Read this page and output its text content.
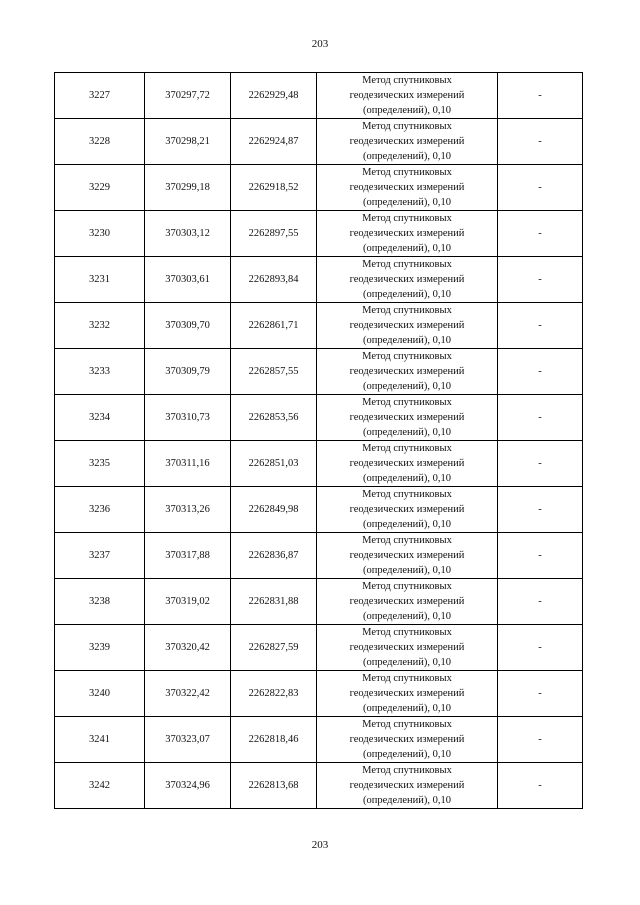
203
3227	370297,72	2262929,48	Метод спутниковых
геодезических измерений
(определений), 0,10	-
3228	370298,21	2262924,87	Метод спутниковых
геодезических измерений
(определений), 0,10	-
3229	370299,18	2262918,52	Метод спутниковых
геодезических измерений
(определений), 0,10	-
3230	370303,12	2262897,55	Метод спутниковых
геодезических измерений
(определений), 0,10	-
3231	370303,61	2262893,84	Метод спутниковых
геодезических измерений
(определений), 0,10	-
3232	370309,70	2262861,71	Метод спутниковых
геодезических измерений
(определений), 0,10	-
3233	370309,79	2262857,55	Метод спутниковых
геодезических измерений
(определений), 0,10	-
3234	370310,73	2262853,56	Метод спутниковых
геодезических измерений
(определений), 0,10	-
3235	370311,16	2262851,03	Метод спутниковых
геодезических измерений
(определений), 0,10	-
3236	370313,26	2262849,98	Метод спутниковых
геодезических измерений
(определений), 0,10	-
3237	370317,88	2262836,87	Метод спутниковых
геодезических измерений
(определений), 0,10	-
3238	370319,02	2262831,88	Метод спутниковых
геодезических измерений
(определений), 0,10	-
3239	370320,42	2262827,59	Метод спутниковых
геодезических измерений
(определений), 0,10	-
3240	370322,42	2262822,83	Метод спутниковых
геодезических измерений
(определений), 0,10	-
3241	370323,07	2262818,46	Метод спутниковых
геодезических измерений
(определений), 0,10	-
3242	370324,96	2262813,68	Метод спутниковых
геодезических измерений
(определений), 0,10	-
203
